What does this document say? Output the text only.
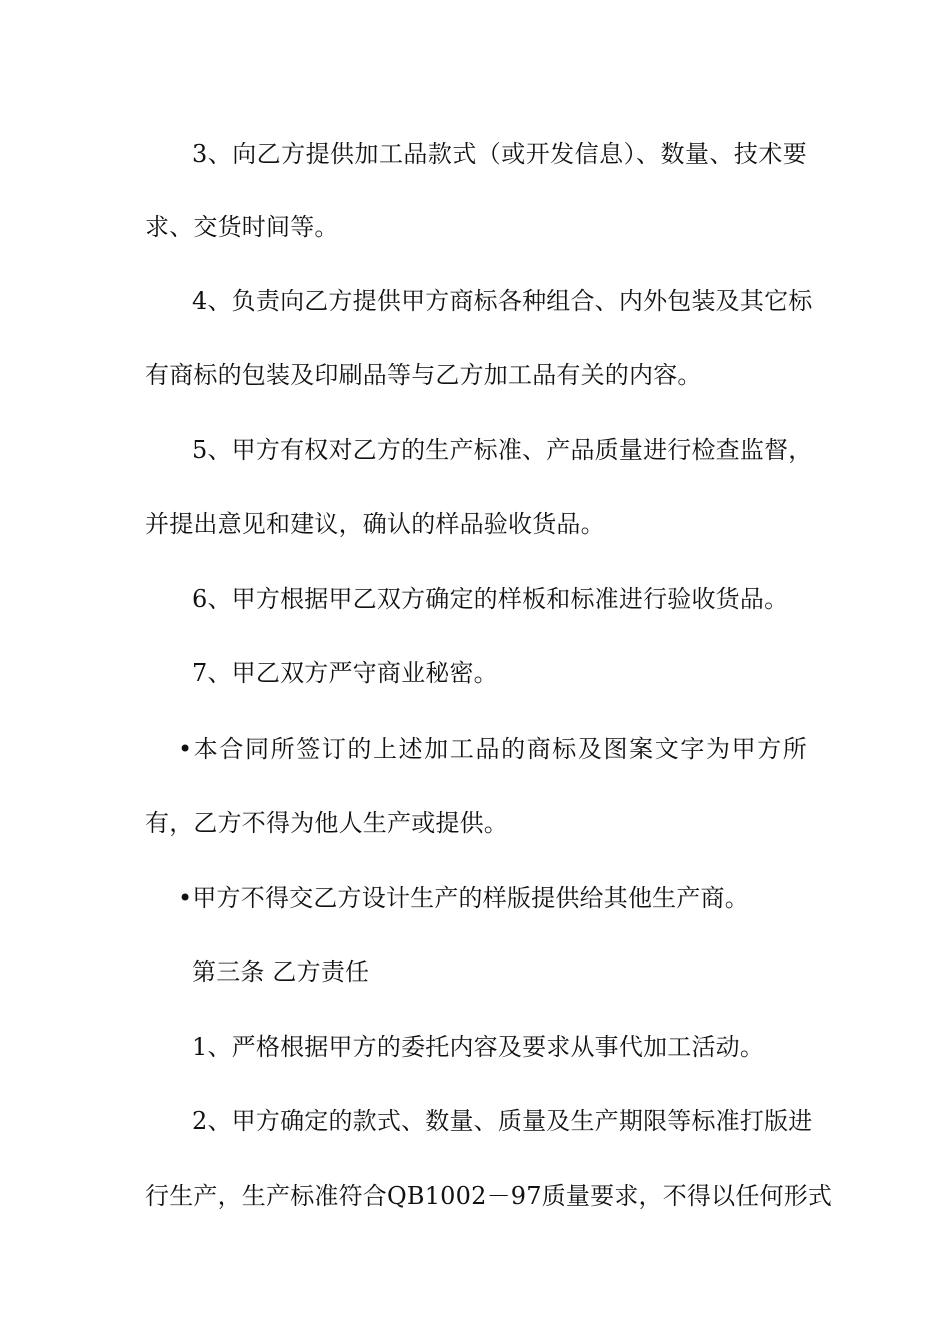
3、向乙方提供加工品款式（或开发信息）、数量、技术要
求、交货时间等。
4、负责向乙方提供甲方商标各种组合、内外包装及其它标
有商标的包装及印刷品等与乙方加工品有关的内容。
5、甲方有权对乙方的生产标准、产品质量进行检查监督，
并提出意见和建议，确认的样品验收货品。
6、甲方根据甲乙双方确定的样板和标准进行验收货品。
7、甲乙双方严守商业秘密。
•本合同所签订的上述加工品的商标及图案文字为甲方所
有，乙方不得为他人生产或提供。
•甲方不得交乙方设计生产的样版提供给其他生产商。
第三条 乙方责任
1、严格根据甲方的委托内容及要求从事代加工活动。
2、甲方确定的款式、数量、质量及生产期限等标准打版进
行生产，生产标准符合QB1002－97质量要求，不得以任何形式
